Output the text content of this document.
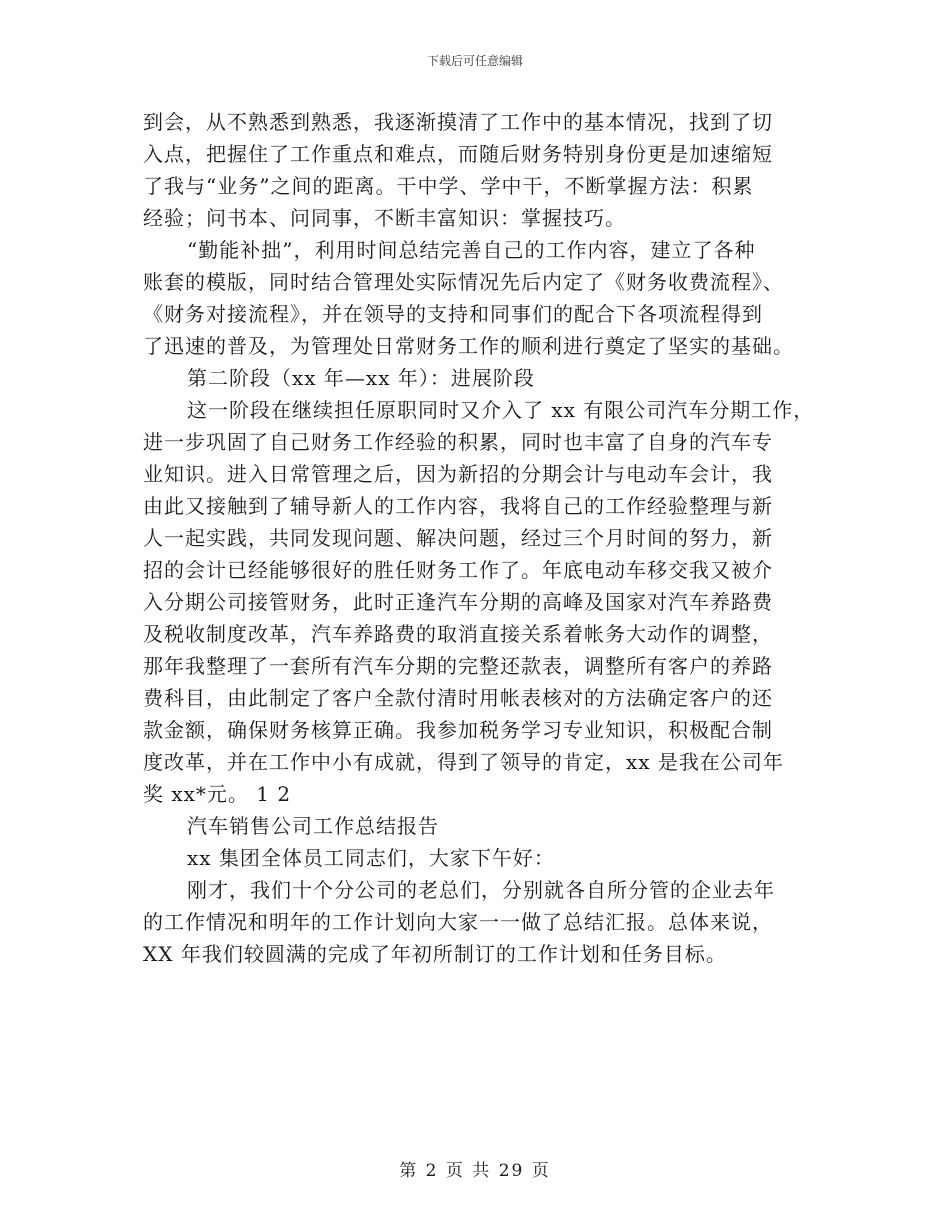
下载后可任意编辑
到会，从不熟悉到熟悉，我逐渐摸清了工作中的基本情况，找到了切
入点，把握住了工作重点和难点，而随后财务特别身份更是加速缩短
了我与“业务”之间的距离。干中学、学中干，不断掌握方法：积累
经验；问书本、问同事，不断丰富知识：掌握技巧。
“勤能补拙”，利用时间总结完善自己的工作内容，建立了各种
账套的模版，同时结合管理处实际情况先后内定了《财务收费流程》、
《财务对接流程》，并在领导的支持和同事们的配合下各项流程得到
了迅速的普及，为管理处日常财务工作的顺利进行奠定了坚实的基础。
第二阶段（xx 年—xx 年）：进展阶段
这一阶段在继续担任原职同时又介入了 xx 有限公司汽车分期工作，
进一步巩固了自己财务工作经验的积累，同时也丰富了自身的汽车专
业知识。进入日常管理之后，因为新招的分期会计与电动车会计，我
由此又接触到了辅导新人的工作内容，我将自己的工作经验整理与新
人一起实践，共同发现问题、解决问题，经过三个月时间的努力，新
招的会计已经能够很好的胜任财务工作了。年底电动车移交我又被介
入分期公司接管财务，此时正逢汽车分期的高峰及国家对汽车养路费
及税收制度改革，汽车养路费的取消直接关系着帐务大动作的调整，
那年我整理了一套所有汽车分期的完整还款表，调整所有客户的养路
费科目，由此制定了客户全款付清时用帐表核对的方法确定客户的还
款金额，确保财务核算正确。我参加税务学习专业知识，积极配合制
度改革，并在工作中小有成就，得到了领导的肯定，xx 是我在公司年
奖 xx*元。 1 2
汽车销售公司工作总结报告
xx 集团全体员工同志们，大家下午好：
刚才，我们十个分公司的老总们，分别就各自所分管的企业去年
的工作情况和明年的工作计划向大家一一做了总结汇报。总体来说，
XX 年我们较圆满的完成了年初所制订的工作计划和任务目标。
第 2 页 共 29 页
